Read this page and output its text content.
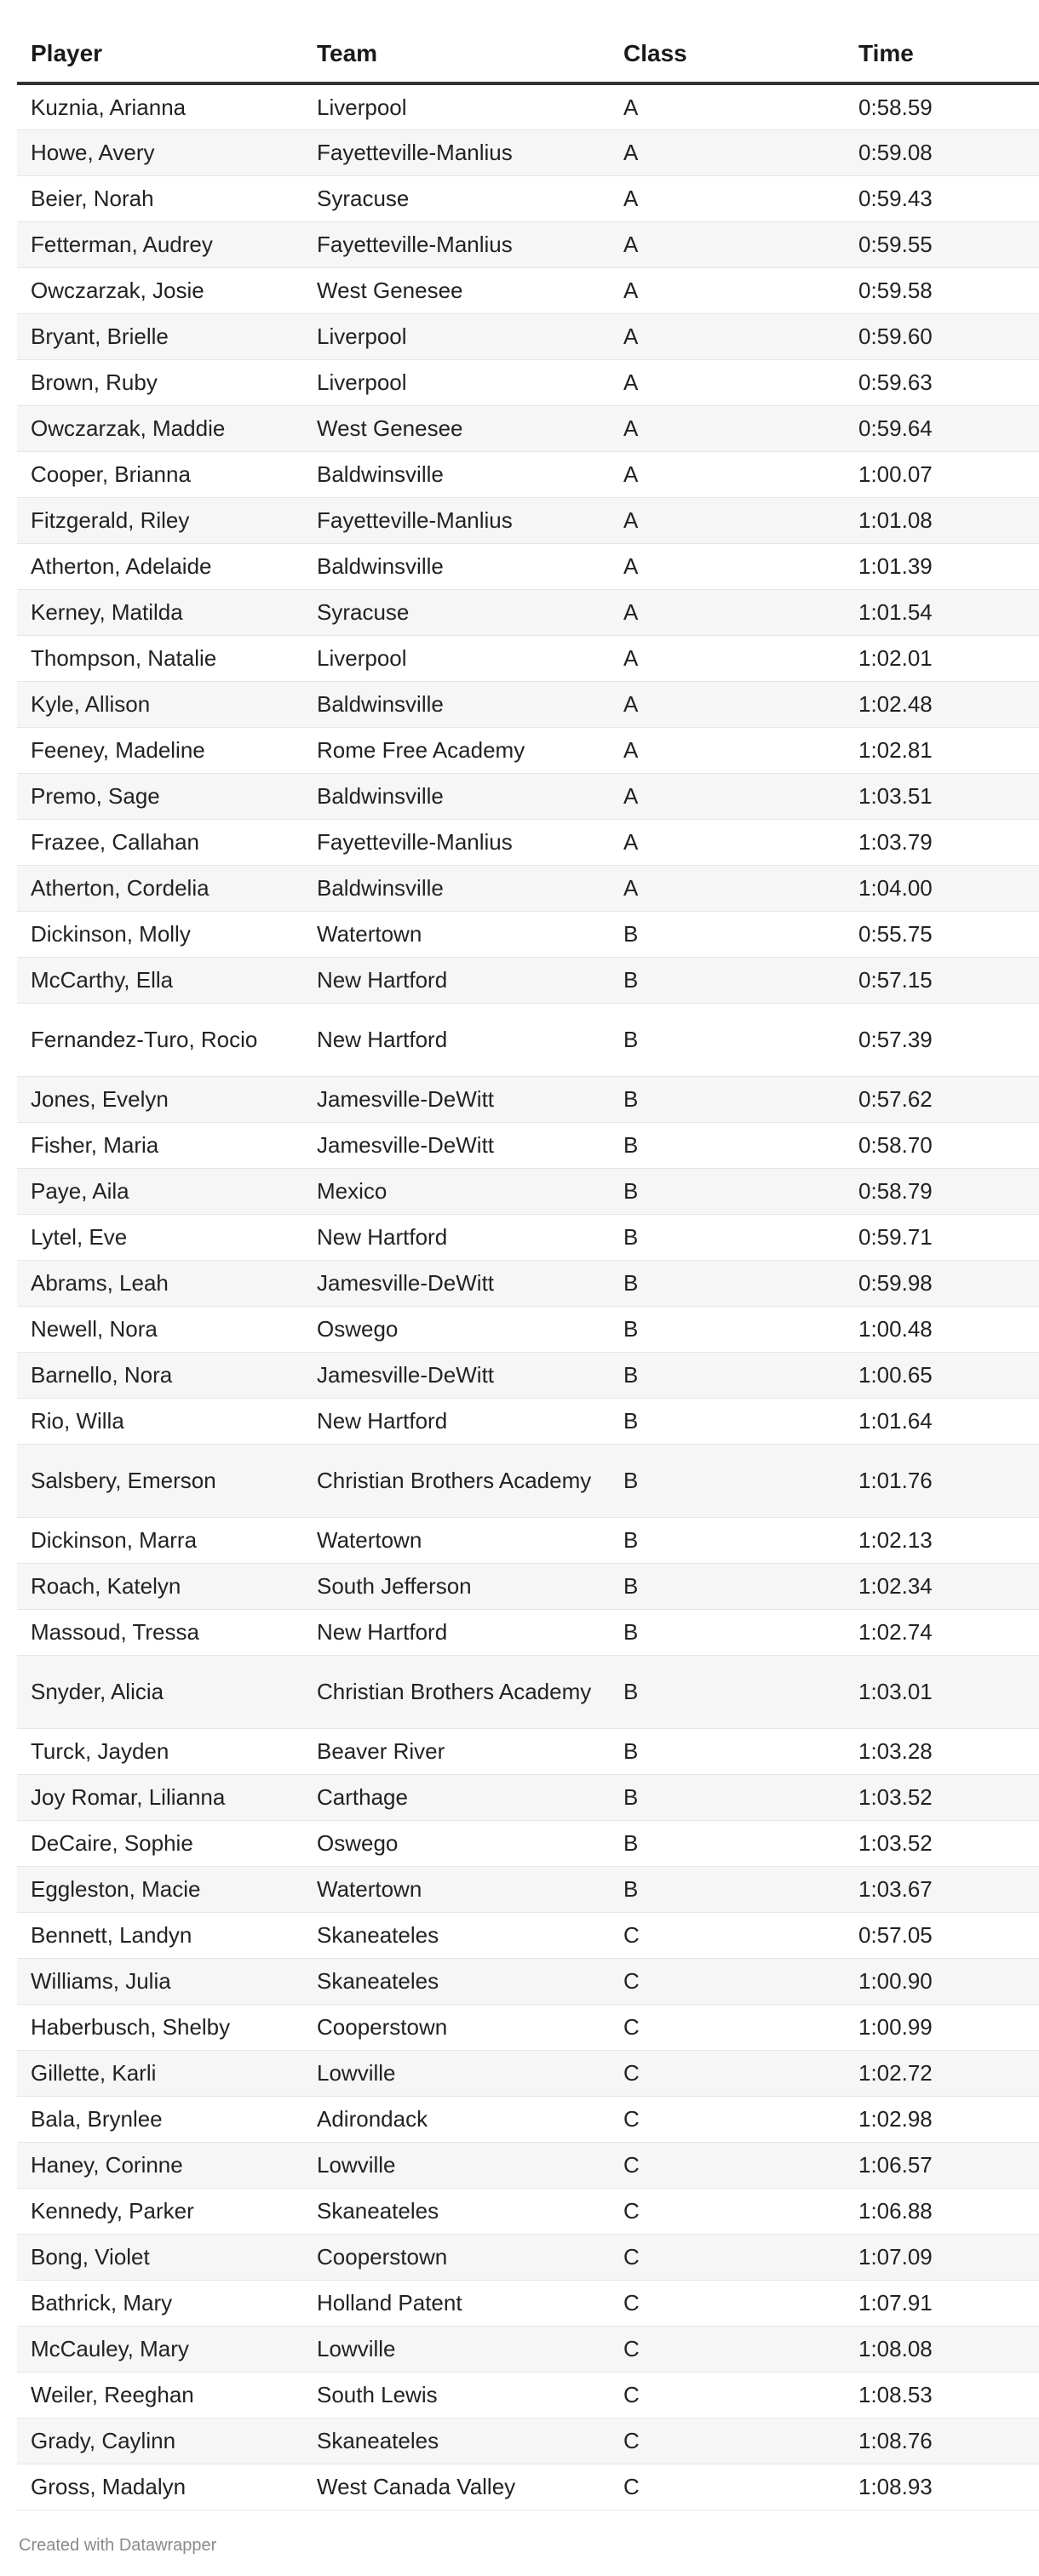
Player	Team	Class	Time
Kuznia, Arianna	Liverpool	A	0:58.59
Howe, Avery	Fayetteville-Manlius	A	0:59.08
Beier, Norah	Syracuse	A	0:59.43
Fetterman, Audrey	Fayetteville-Manlius	A	0:59.55
Owczarzak, Josie	West Genesee	A	0:59.58
Bryant, Brielle	Liverpool	A	0:59.60
Brown, Ruby	Liverpool	A	0:59.63
Owczarzak, Maddie	West Genesee	A	0:59.64
Cooper, Brianna	Baldwinsville	A	1:00.07
Fitzgerald, Riley	Fayetteville-Manlius	A	1:01.08
Atherton, Adelaide	Baldwinsville	A	1:01.39
Kerney, Matilda	Syracuse	A	1:01.54
Thompson, Natalie	Liverpool	A	1:02.01
Kyle, Allison	Baldwinsville	A	1:02.48
Feeney, Madeline	Rome Free Academy	A	1:02.81
Premo, Sage	Baldwinsville	A	1:03.51
Frazee, Callahan	Fayetteville-Manlius	A	1:03.79
Atherton, Cordelia	Baldwinsville	A	1:04.00
Dickinson, Molly	Watertown	B	0:55.75
McCarthy, Ella	New Hartford	B	0:57.15
Fernandez-Turo, Rocio	New Hartford	B	0:57.39
Jones, Evelyn	Jamesville-DeWitt	B	0:57.62
Fisher, Maria	Jamesville-DeWitt	B	0:58.70
Paye, Aila	Mexico	B	0:58.79
Lytel, Eve	New Hartford	B	0:59.71
Abrams, Leah	Jamesville-DeWitt	B	0:59.98
Newell, Nora	Oswego	B	1:00.48
Barnello, Nora	Jamesville-DeWitt	B	1:00.65
Rio, Willa	New Hartford	B	1:01.64
Salsbery, Emerson	Christian Brothers Academy	B	1:01.76
Dickinson, Marra	Watertown	B	1:02.13
Roach, Katelyn	South Jefferson	B	1:02.34
Massoud, Tressa	New Hartford	B	1:02.74
Snyder, Alicia	Christian Brothers Academy	B	1:03.01
Turck, Jayden	Beaver River	B	1:03.28
Joy Romar, Lilianna	Carthage	B	1:03.52
DeCaire, Sophie	Oswego	B	1:03.52
Eggleston, Macie	Watertown	B	1:03.67
Bennett, Landyn	Skaneateles	C	0:57.05
Williams, Julia	Skaneateles	C	1:00.90
Haberbusch, Shelby	Cooperstown	C	1:00.99
Gillette, Karli	Lowville	C	1:02.72
Bala, Brynlee	Adirondack	C	1:02.98
Haney, Corinne	Lowville	C	1:06.57
Kennedy, Parker	Skaneateles	C	1:06.88
Bong, Violet	Cooperstown	C	1:07.09
Bathrick, Mary	Holland Patent	C	1:07.91
McCauley, Mary	Lowville	C	1:08.08
Weiler, Reeghan	South Lewis	C	1:08.53
Grady, Caylinn	Skaneateles	C	1:08.76
Gross, Madalyn	West Canada Valley	C	1:08.93
Created with Datawrapper
